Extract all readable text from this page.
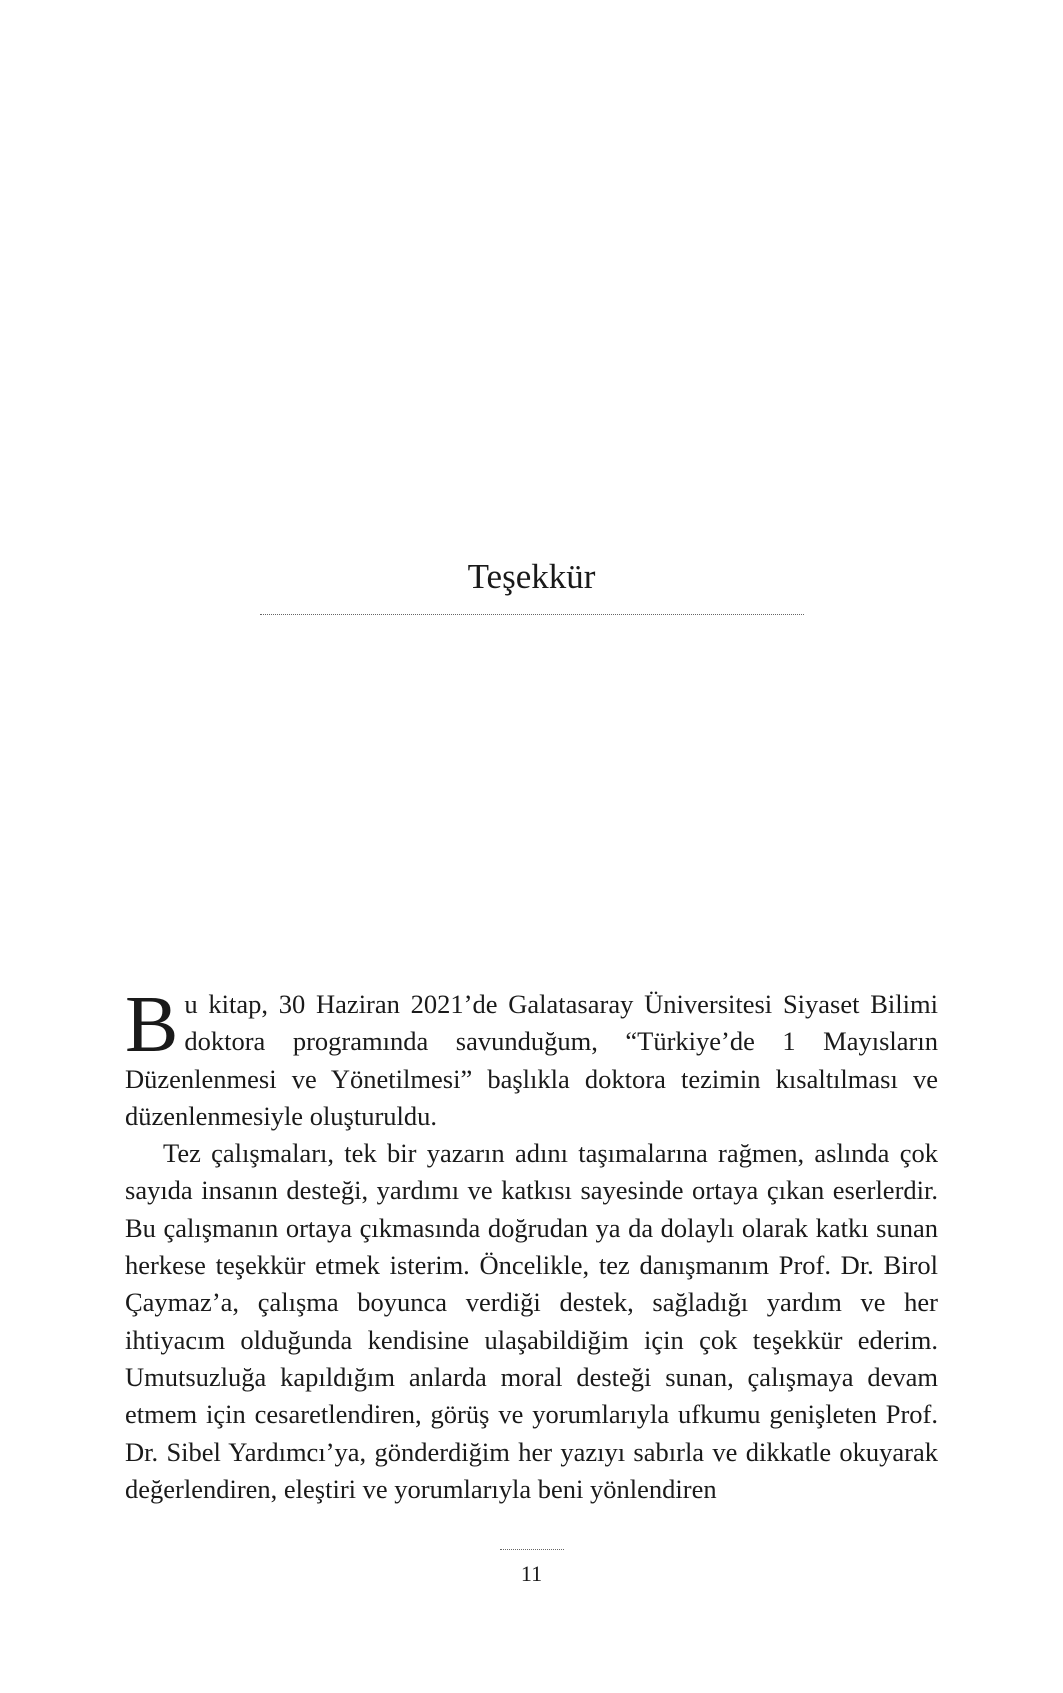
Teşekkür

Bu kitap, 30 Haziran 2021’de Galatasaray Üniversitesi Siyaset Bilimi doktora programında savunduğum, “Türkiye’de 1 Mayısların Düzenlenmesi ve Yönetilmesi” başlıkla doktora tezimin kısaltılması ve düzenlenmesiyle oluşturuldu.

Tez çalışmaları, tek bir yazarın adını taşımalarına rağmen, aslında çok sayıda insanın desteği, yardımı ve katkısı sayesinde ortaya çıkan eserlerdir. Bu çalışmanın ortaya çıkmasında doğrudan ya da dolaylı olarak katkı sunan herkese teşekkür etmek isterim. Öncelikle, tez danışmanım Prof. Dr. Birol Çaymaz’a, çalışma boyunca verdiği destek, sağladığı yardım ve her ihtiyacım olduğunda kendisine ulaşabildiğim için çok teşekkür ederim. Umutsuzluğa kapıldığım anlarda moral desteği sunan, çalışmaya devam etmem için cesaretlendiren, görüş ve yorumlarıyla ufkumu genişleten Prof. Dr. Sibel Yardımcı’ya, gönderdiğim her yazıyı sabırla ve dikkatle okuyarak değerlendiren, eleştiri ve yorumlarıyla beni yönlendiren

11
